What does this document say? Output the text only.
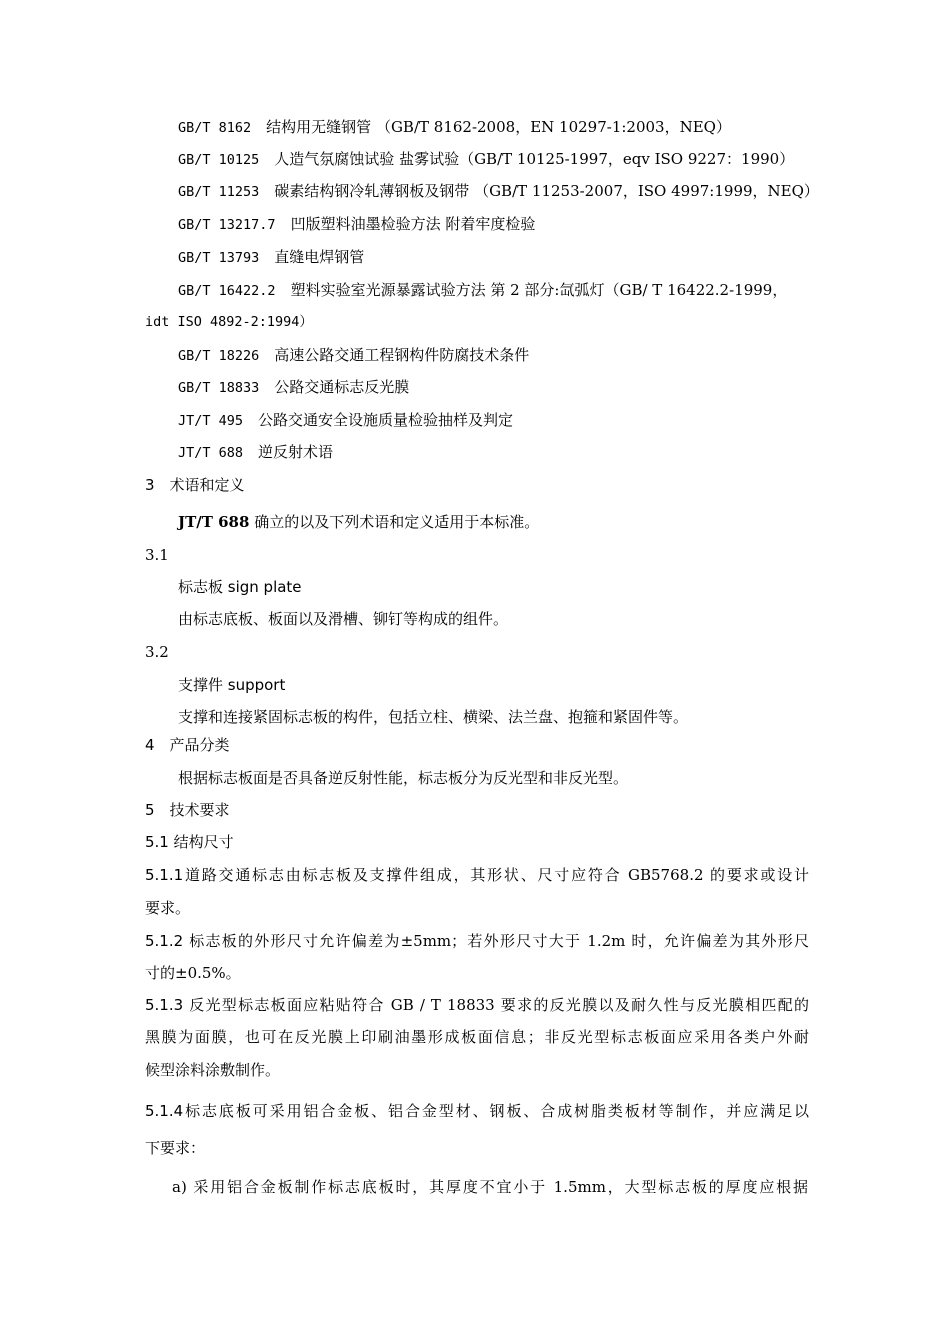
GB/T 8162　 结构用无缝钢管 （GB/T 8162-2008，EN 10297-1:2003，NEQ）
GB/T 10125　 人造气氛腐蚀试验 盐雾试验（GB/T 10125-1997，eqv ISO 9227：1990）
GB/T 11253　 碳素结构钢冷轧薄钢板及钢带 （GB/T 11253-2007，ISO 4997:1999，NEQ）
GB/T 13217.7　 凹版塑料油墨检验方法 附着牢度检验
GB/T 13793　 直缝电焊钢管
GB/T 16422.2　 塑料实验室光源暴露试验方法 第 2 部分:氙弧灯（GB/ T 16422.2-1999，
idt ISO 4892-2:1994）
GB/T 18226　 高速公路交通工程钢构件防腐技术条件
GB/T 18833　 公路交通标志反光膜
JT/T 495　 公路交通安全设施质量检验抽样及判定
JT/T 688　 逆反射术语
3　术语和定义
JT/T 688 确立的以及下列术语和定义适用于本标准。
3.1
标志板 sign plate
由标志底板、板面以及滑槽、铆钉等构成的组件。
3.2
支撑件 support
支撑和连接紧固标志板的构件，包括立柱、横梁、法兰盘、抱箍和紧固件等。
4　产品分类
根据标志板面是否具备逆反射性能，标志板分为反光型和非反光型。
5　技术要求
5.1 结构尺寸
5.1.1道路交通标志由标志板及支撑件组成，其形状、尺寸应符合 GB5768.2 的要求或设计
要求。
5.1.2 标志板的外形尺寸允许偏差为±5mm；若外形尺寸大于 1.2m 时，允许偏差为其外形尺
寸的±0.5%。
5.1.3 反光型标志板面应粘贴符合 GB / T 18833 要求的反光膜以及耐久性与反光膜相匹配的
黑膜为面膜，也可在反光膜上印刷油墨形成板面信息；非反光型标志板面应采用各类户外耐
候型涂料涂敷制作。
5.1.4标志底板可采用铝合金板、铝合金型材、钢板、合成树脂类板材等制作，并应满足以
下要求：
a) 采用铝合金板制作标志底板时，其厚度不宜小于 1.5mm，大型标志板的厚度应根据
